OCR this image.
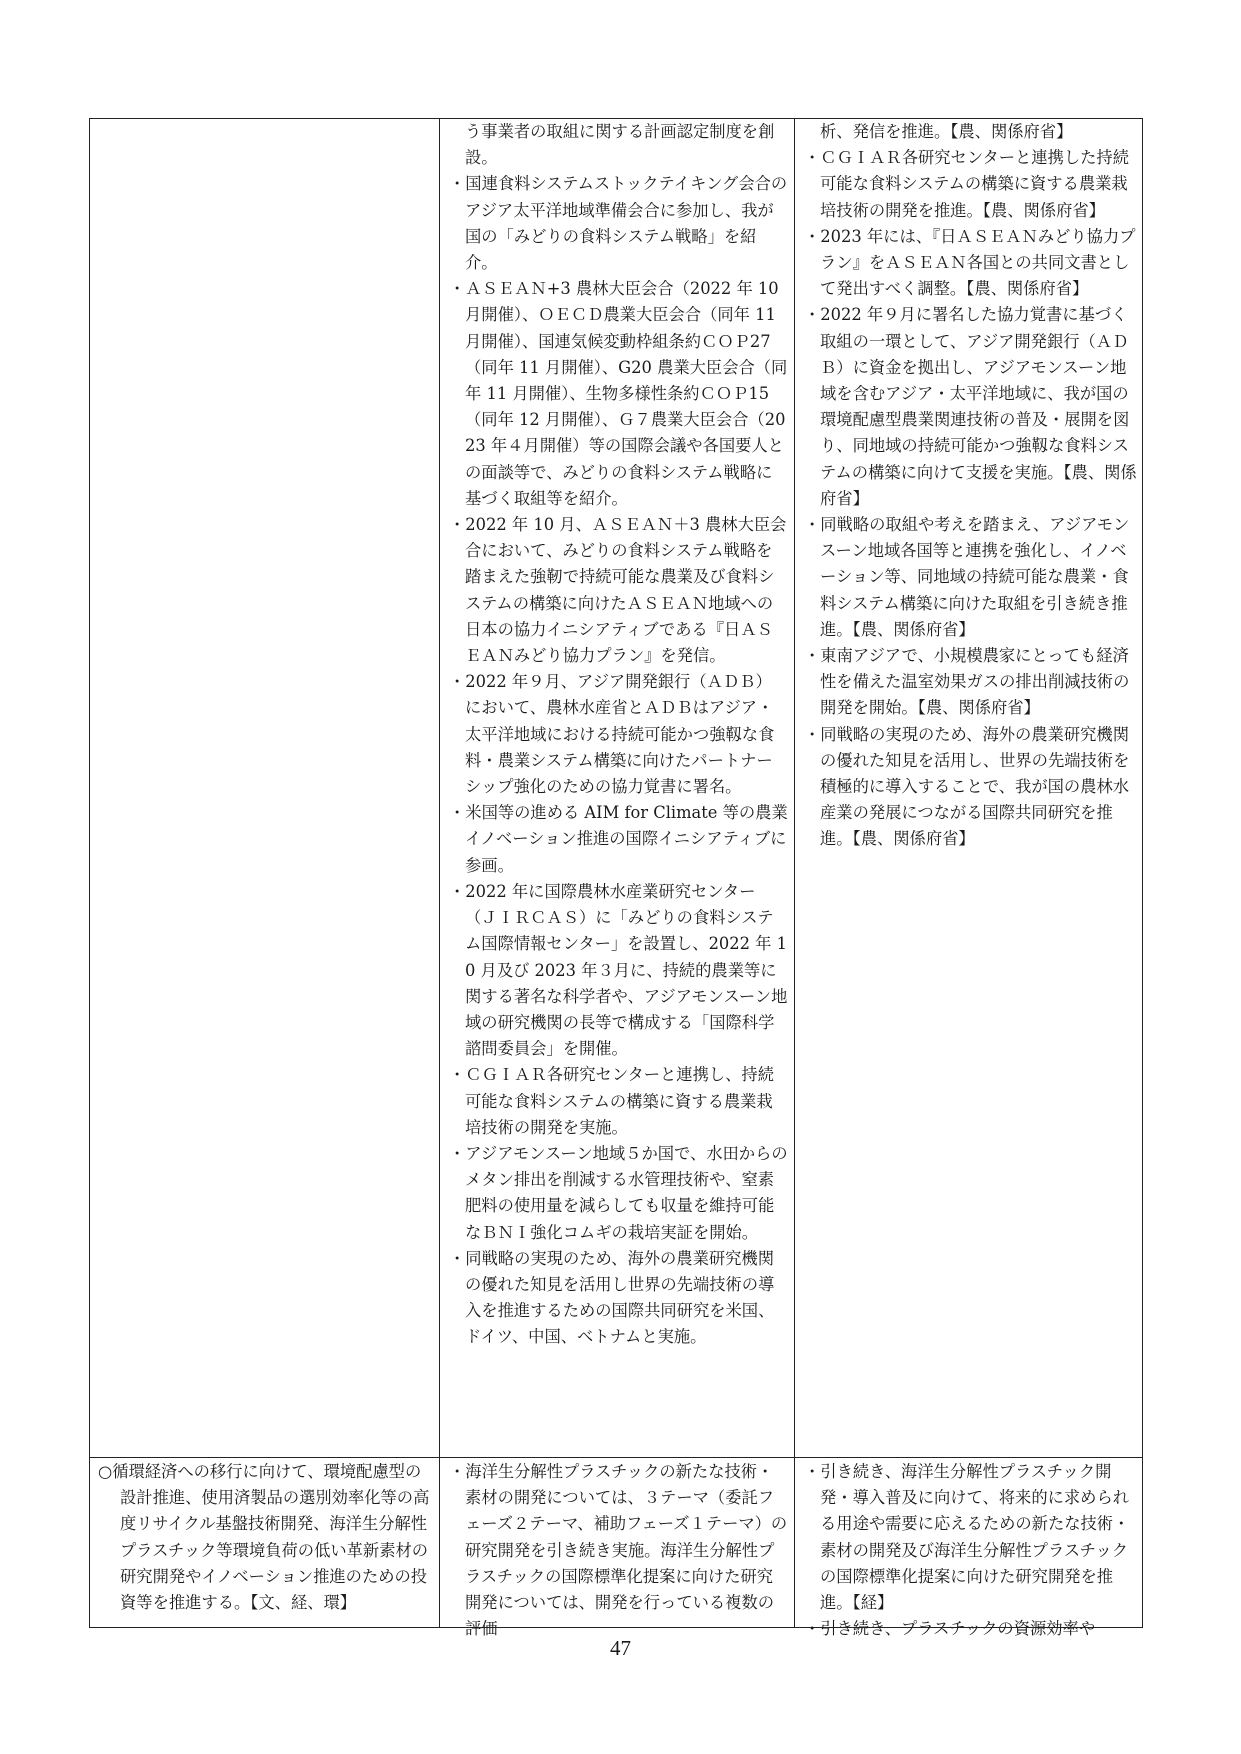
う事業者の取組に関する計画認定制度を創設。
・国連食料システムストックテイキング会合のアジア太平洋地域準備会合に参加し、我が国の「みどりの食料システム戦略」を紹介。
・ＡＳＥＡＮ+3 農林大臣会合（2022 年 10 月開催）、ＯＥＣＤ農業大臣会合（同年 11 月開催）、国連気候変動枠組条約ＣＯＰ27（同年 11 月開催）、G20 農業大臣会合（同年 11 月開催）、生物多様性条約ＣＯＰ15（同年 12 月開催）、Ｇ７農業大臣会合（2023 年４月開催）等の国際会議や各国要人との面談等で、みどりの食料システム戦略に基づく取組等を紹介。
・2022 年 10 月、ＡＳＥＡＮ＋3 農林大臣会合において、みどりの食料システム戦略を踏まえた強靭で持続可能な農業及び食料システムの構築に向けたＡＳＥＡＮ地域への日本の協力イニシアティブである『日ＡＳＥＡＮみどり協力プラン』を発信。
・2022 年９月、アジア開発銀行（ＡＤＢ）において、農林水産省とＡＤＢはアジア・太平洋地域における持続可能かつ強靱な食料・農業システム構築に向けたパートナーシップ強化のための協力覚書に署名。
・米国等の進める AIM for Climate 等の農業イノベーション推進の国際イニシアティブに参画。
・2022 年に国際農林水産業研究センター（ＪＩＲＣＡＳ）に「みどりの食料システム国際情報センター」を設置し、2022 年 10 月及び 2023 年３月に、持続的農業等に関する著名な科学者や、アジアモンスーン地域の研究機関の長等で構成する「国際科学諮問委員会」を開催。
・ＣＧＩＡＲ各研究センターと連携し、持続可能な食料システムの構築に資する農業栽培技術の開発を実施。
・アジアモンスーン地域５か国で、水田からのメタン排出を削減する水管理技術や、窒素肥料の使用量を減らしても収量を維持可能なＢＮＩ強化コムギの栽培実証を開始。
・同戦略の実現のため、海外の農業研究機関の優れた知見を活用し世界の先端技術の導入を推進するための国際共同研究を米国、ドイツ、中国、ベトナムと実施。
析、発信を推進。【農、関係府省】
・ＣＧＩＡＲ各研究センターと連携した持続可能な食料システムの構築に資する農業栽培技術の開発を推進。【農、関係府省】
・2023 年には、『日ＡＳＥＡＮみどり協力プラン』をＡＳＥＡＮ各国との共同文書として発出すべく調整。【農、関係府省】
・2022 年９月に署名した協力覚書に基づく取組の一環として、アジア開発銀行（ＡＤＢ）に資金を拠出し、アジアモンスーン地域を含むアジア・太平洋地域に、我が国の環境配慮型農業関連技術の普及・展開を図り、同地域の持続可能かつ強靱な食料システムの構築に向けて支援を実施。【農、関係府省】
・同戦略の取組や考えを踏まえ、アジアモンスーン地域各国等と連携を強化し、イノベーション等、同地域の持続可能な農業・食料システム構築に向けた取組を引き続き推進。【農、関係府省】
・東南アジアで、小規模農家にとっても経済性を備えた温室効果ガスの排出削減技術の開発を開始。【農、関係府省】
・同戦略の実現のため、海外の農業研究機関の優れた知見を活用し、世界の先端技術を積極的に導入することで、我が国の農林水産業の発展につながる国際共同研究を推進。【農、関係府省】
○循環経済への移行に向けて、環境配慮型の設計推進、使用済製品の選別効率化等の高度リサイクル基盤技術開発、海洋生分解性プラスチック等環境負荷の低い革新素材の研究開発やイノベーション推進のための投資等を推進する。【文、経、環】
・海洋生分解性プラスチックの新たな技術・素材の開発については、３テーマ（委託フェーズ２テーマ、補助フェーズ１テーマ）の研究開発を引き続き実施。海洋生分解性プラスチックの国際標準化提案に向けた研究開発については、開発を行っている複数の評価
・引き続き、海洋生分解性プラスチック開発・導入普及に向けて、将来的に求められる用途や需要に応えるための新たな技術・素材の開発及び海洋生分解性プラスチックの国際標準化提案に向けた研究開発を推進。【経】
・引き続き、プラスチックの資源効率や
47
